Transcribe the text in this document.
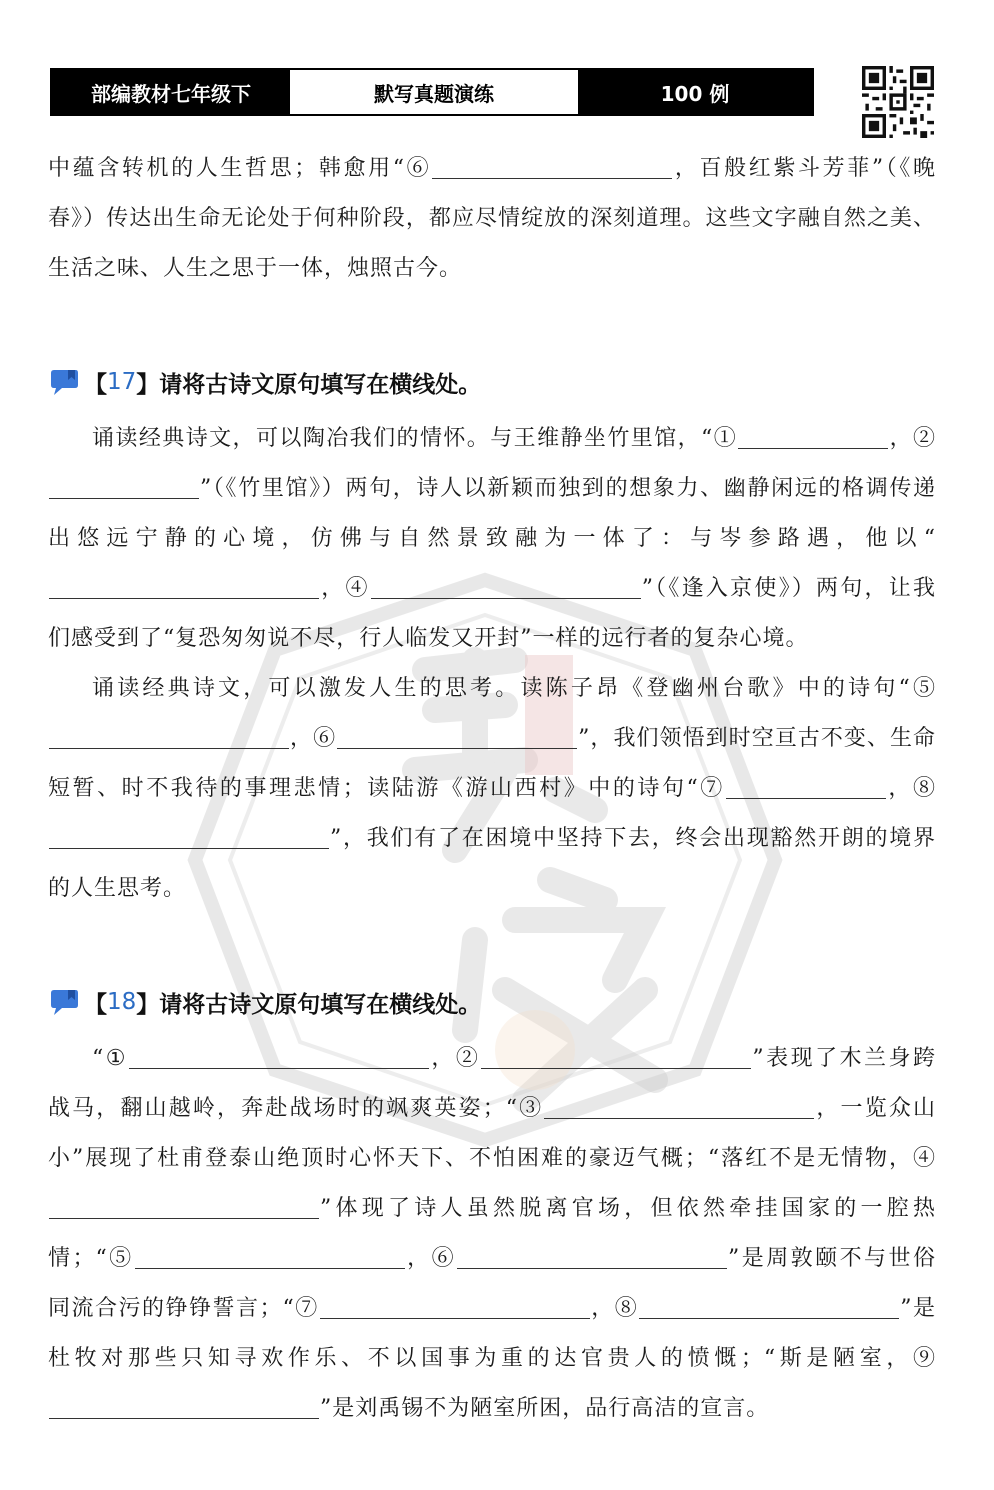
部编教材七年级下	默写真题演练	100 例

中蕴含转机的人生哲思；韩愈用“⑥	，百般红紫斗芳菲”（《晚春》）传达出生命无论处于何种阶段，都应尽情绽放的深刻道理。这些文字融自然之美、生活之味、人生之思于一体，烛照古今。

【 17 】 请将古诗文原句填写在横线处。

诵读经典诗文，可以陶冶我们的情怀。与王维静坐竹里馆，“①	，②”（《竹里馆》）两句，诗人以新颖而独到的想象力、幽静闲远的格调传递出悠远宁静的心境，仿佛与自然景致融为一体了：与岑参路遇，他以“，④	”（《逢入京使》）两句，让我们感受到了“复恐匆匆说不尽，行人临发又开封”一样的远行者的复杂心境。

诵读经典诗文，可以激发人生的思考。读陈子昂《登幽州台歌》中的诗句“⑤，⑥	”，我们领悟到时空亘古不变、生命短暂、时不我待的事理悲情；读陆游《游山西村》中的诗句“⑦	，⑧”，我们有了在困境中坚持下去，终会出现豁然开朗的境界的人生思考。

【 18 】 请将古诗文原句填写在横线处。

“①	，②	”表现了木兰身跨战马，翻山越岭，奔赴战场时的飒爽英姿；“③	，一览众山小”展现了杜甫登泰山绝顶时心怀天下、不怕困难的豪迈气概；“落红不是无情物，④”体现了诗人虽然脱离官场，但依然牵挂国家的一腔热情；“⑤	，⑥	”是周敦颐不与世俗同流合污的铮铮誓言；“⑦	，⑧	”是杜牧对那些只知寻欢作乐、不以国事为重的达官贵人的愤慨；“斯是陋室，⑨”是刘禹锡不为陋室所困，品行高洁的宣言。
